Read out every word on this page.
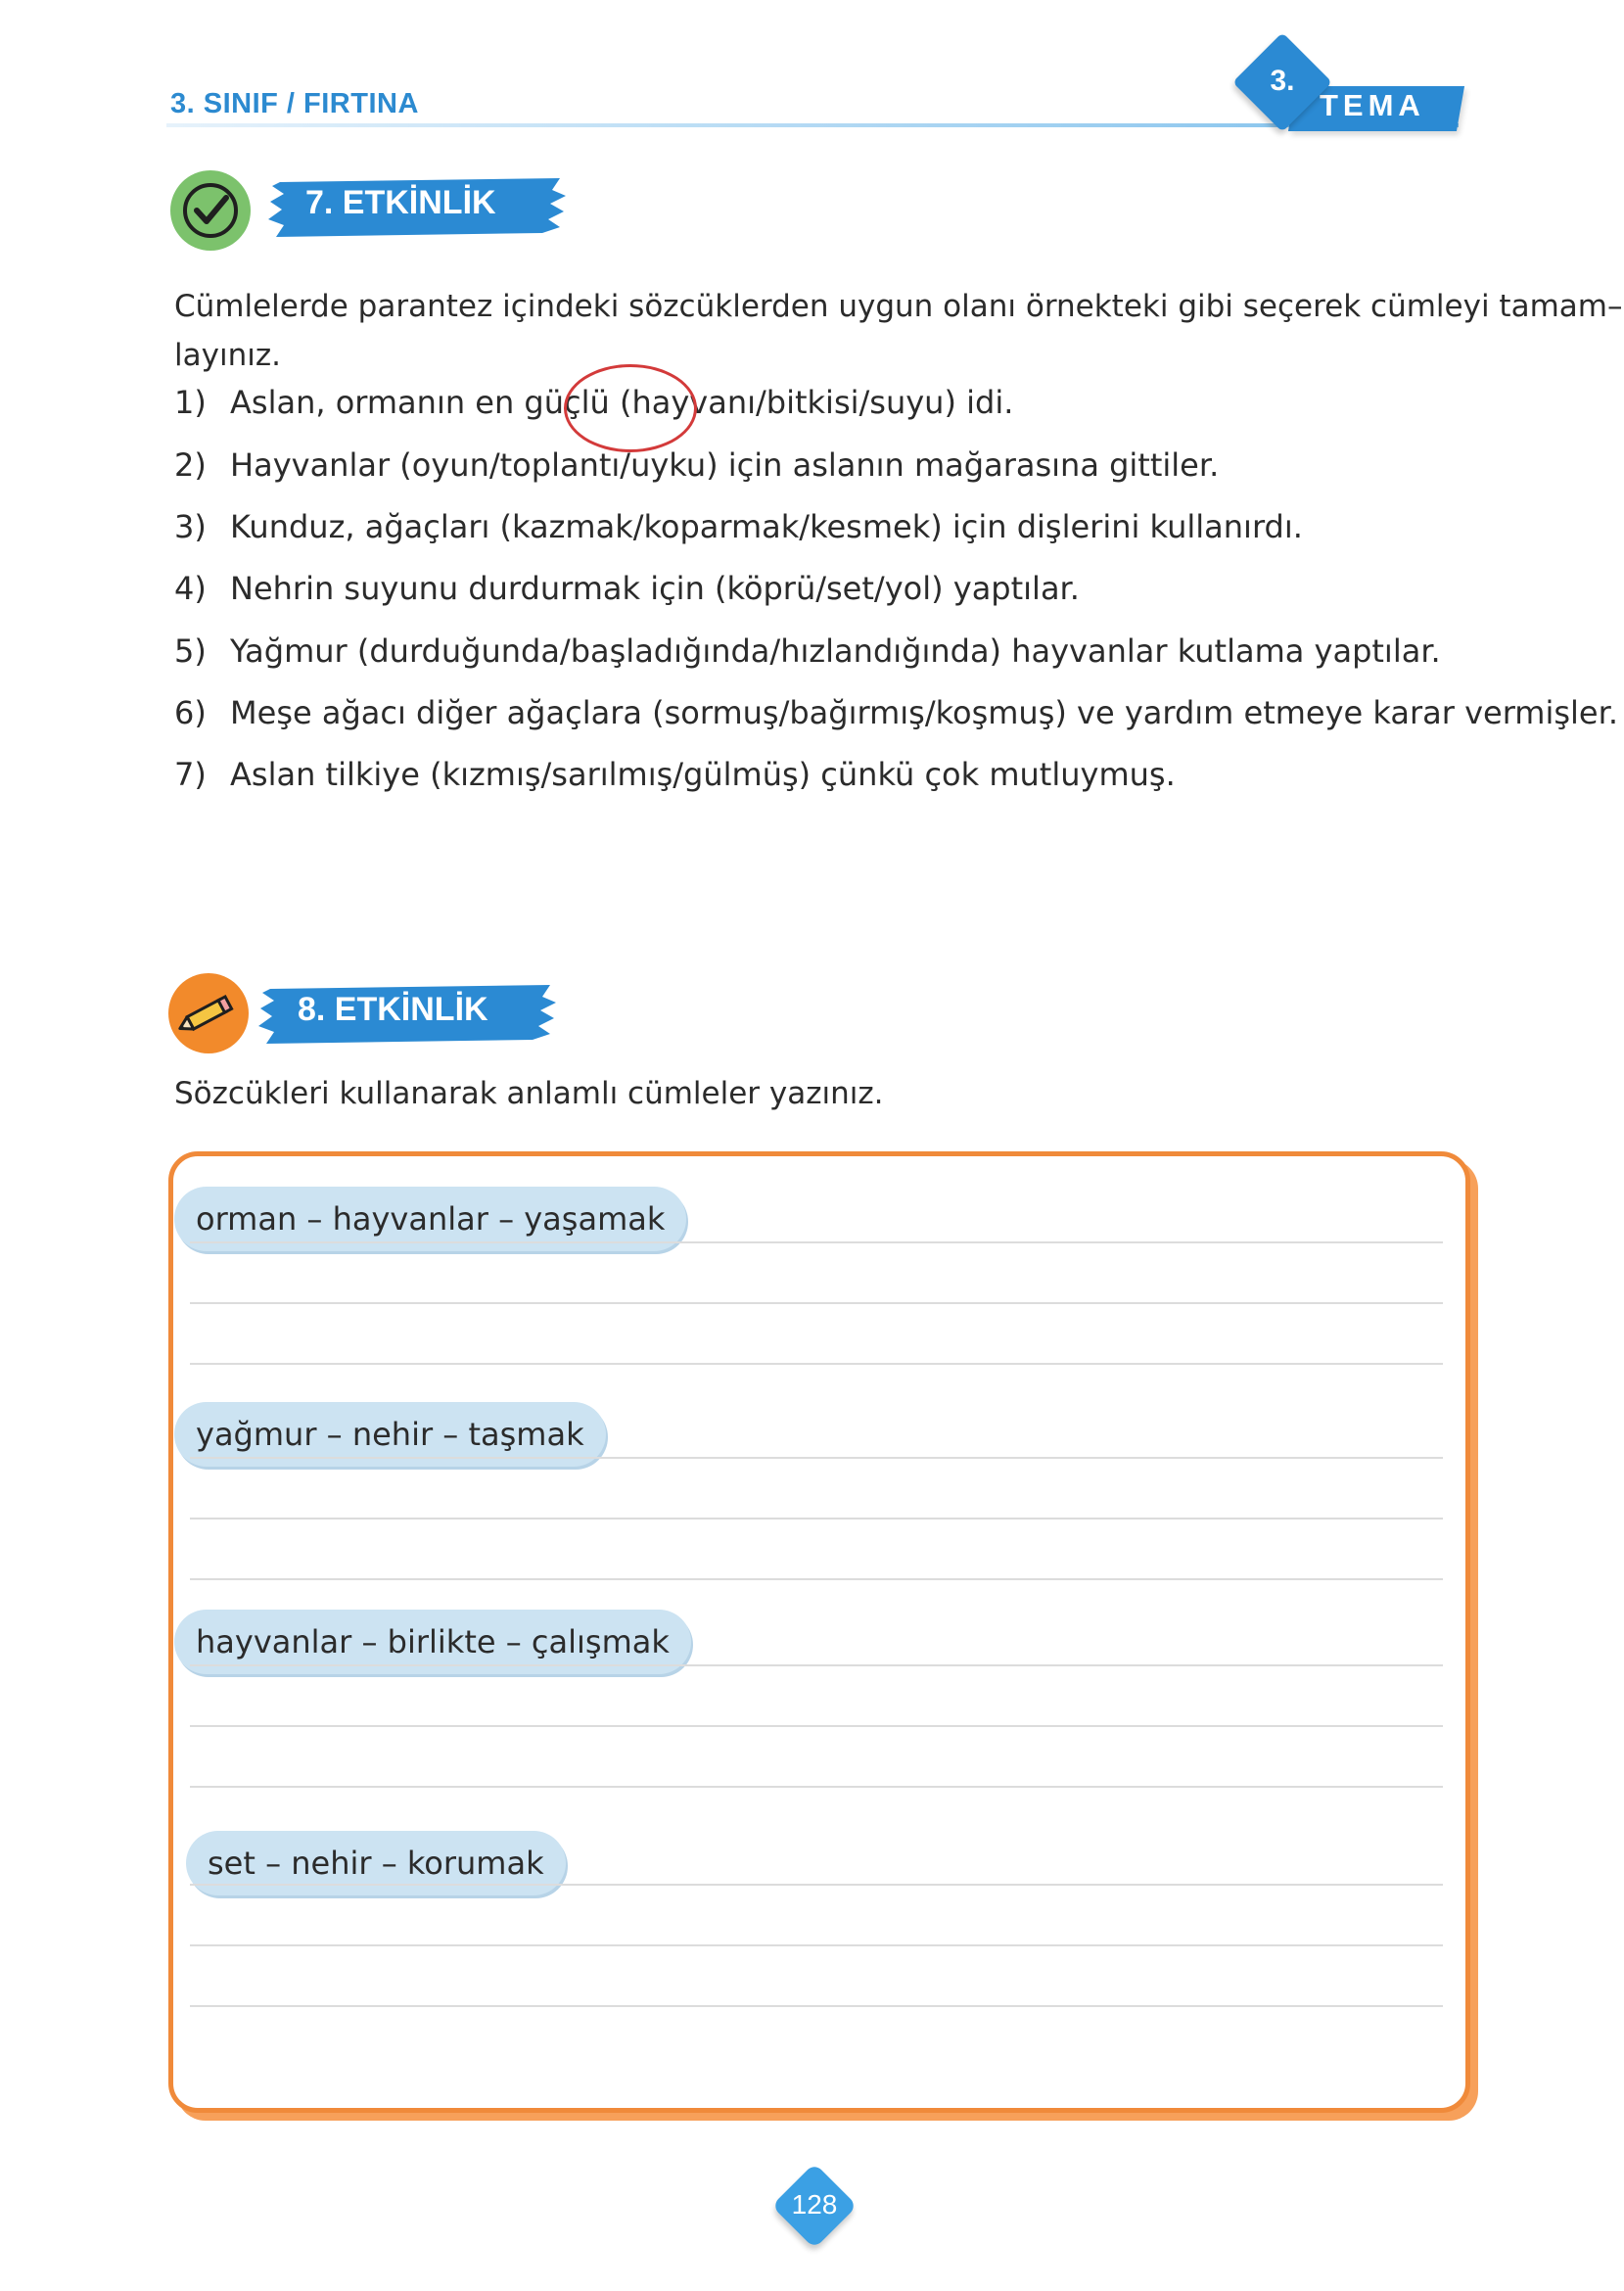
3. SINIF / FIRTINA	TEMA
3.
7. ETKİNLİK
Cümlelerde parantez içindeki sözcüklerden uygun olanı örnekteki gibi seçerek cümleyi tamam–
layınız.
1) Aslan, ormanın en güçlü (hayvanı/bitkisi/suyu) idi.
2) Hayvanlar (oyun/toplantı/uyku) için aslanın mağarasına gittiler.
3) Kunduz, ağaçları (kazmak/koparmak/kesmek) için dişlerini kullanırdı.
4) Nehrin suyunu durdurmak için (köprü/set/yol) yaptılar.
5) Yağmur (durduğunda/başladığında/hızlandığında) hayvanlar kutlama yaptılar.
6) Meşe ağacı diğer ağaçlara (sormuş/bağırmış/koşmuş) ve yardım etmeye karar vermişler.
7) Aslan tilkiye (kızmış/sarılmış/gülmüş) çünkü çok mutluymuş.
8. ETKİNLİK
Sözcükleri kullanarak anlamlı cümleler yazınız.
orman – hayvanlar – yaşamak
yağmur – nehir – taşmak
hayvanlar – birlikte – çalışmak
set – nehir – korumak
128
